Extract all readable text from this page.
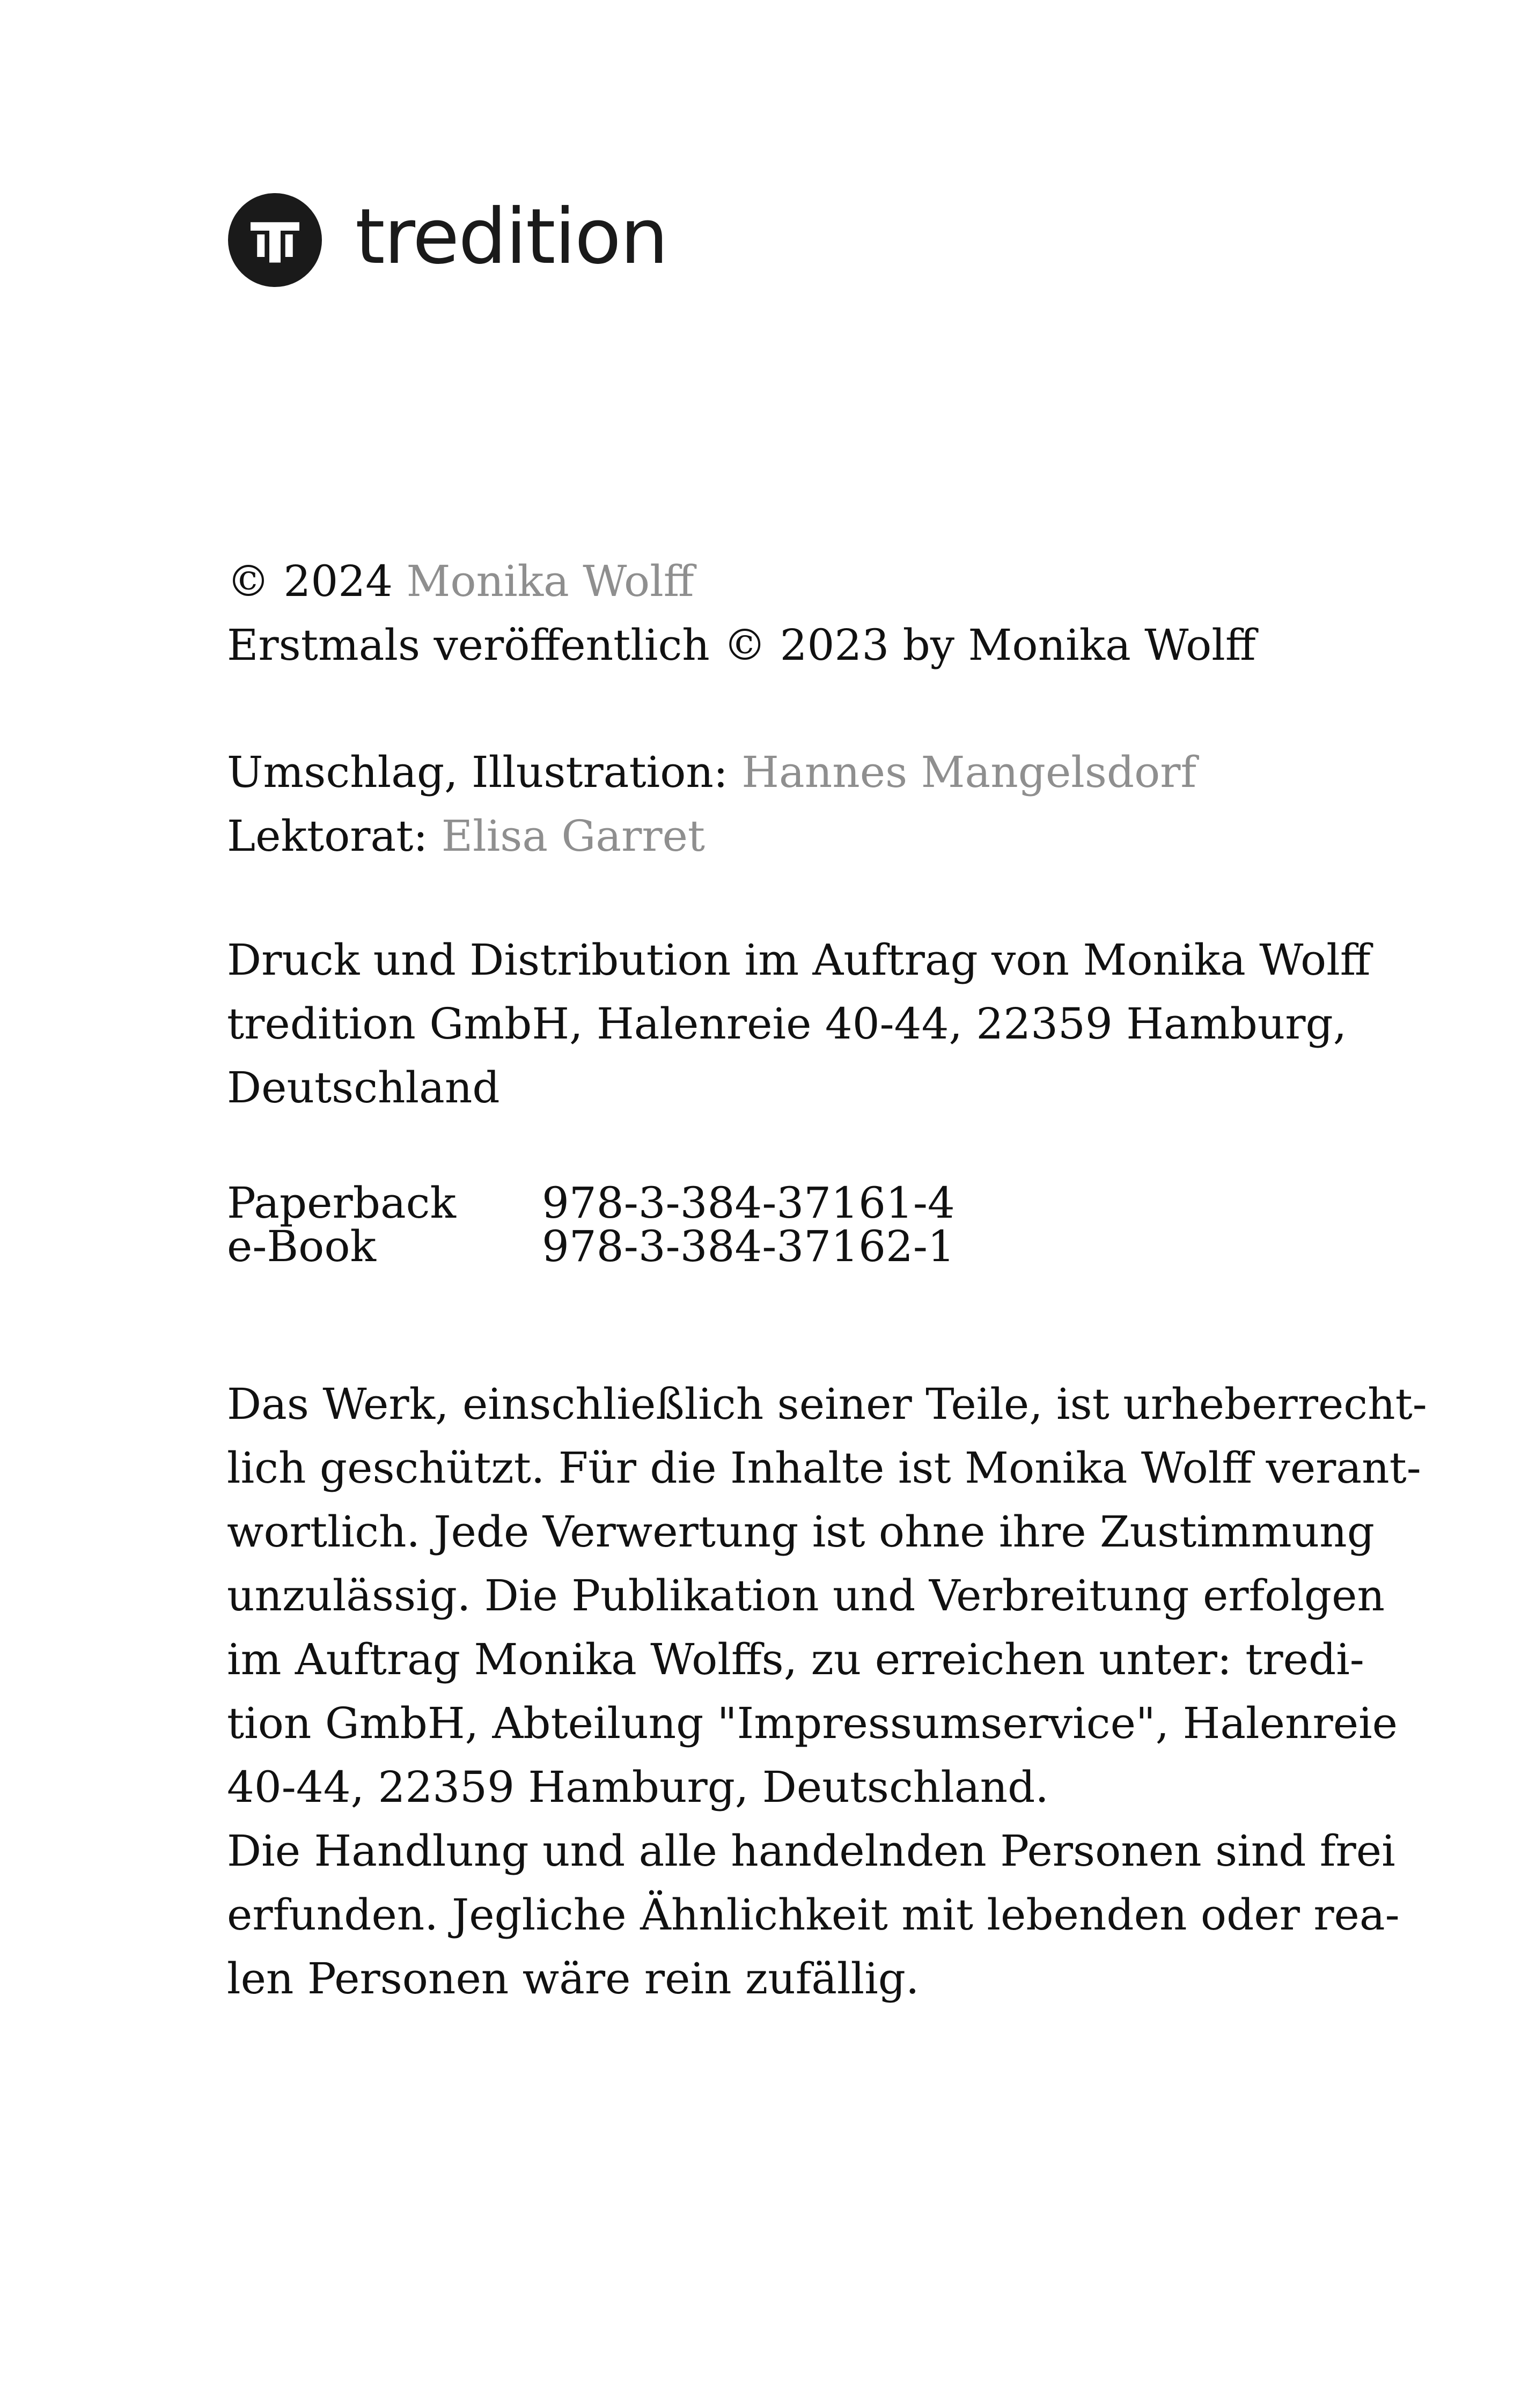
tredition
© 2024 Monika Wolff
Erstmals veröffentlich © 2023 by Monika Wolff
Umschlag, Illustration: Hannes Mangelsdorf
Lektorat: Elisa Garret
Druck und Distribution im Auftrag von Monika Wolff
tredition GmbH, Halenreie 40-44, 22359 Hamburg,
Deutschland
Paperback	978-3-384-37161-4
e-Book	978-3-384-37162-1
Das Werk, einschließlich seiner Teile, ist urheberrecht-
lich geschützt. Für die Inhalte ist Monika Wolff verant-
wortlich. Jede Verwertung ist ohne ihre Zustimmung
unzulässig. Die Publikation und Verbreitung erfolgen
im Auftrag Monika Wolffs, zu erreichen unter: tredi-
tion GmbH, Abteilung "Impressumservice", Halenreie
40-44, 22359 Hamburg, Deutschland.
Die Handlung und alle handelnden Personen sind frei
erfunden. Jegliche Ähnlichkeit mit lebenden oder rea-
len Personen wäre rein zufällig.
